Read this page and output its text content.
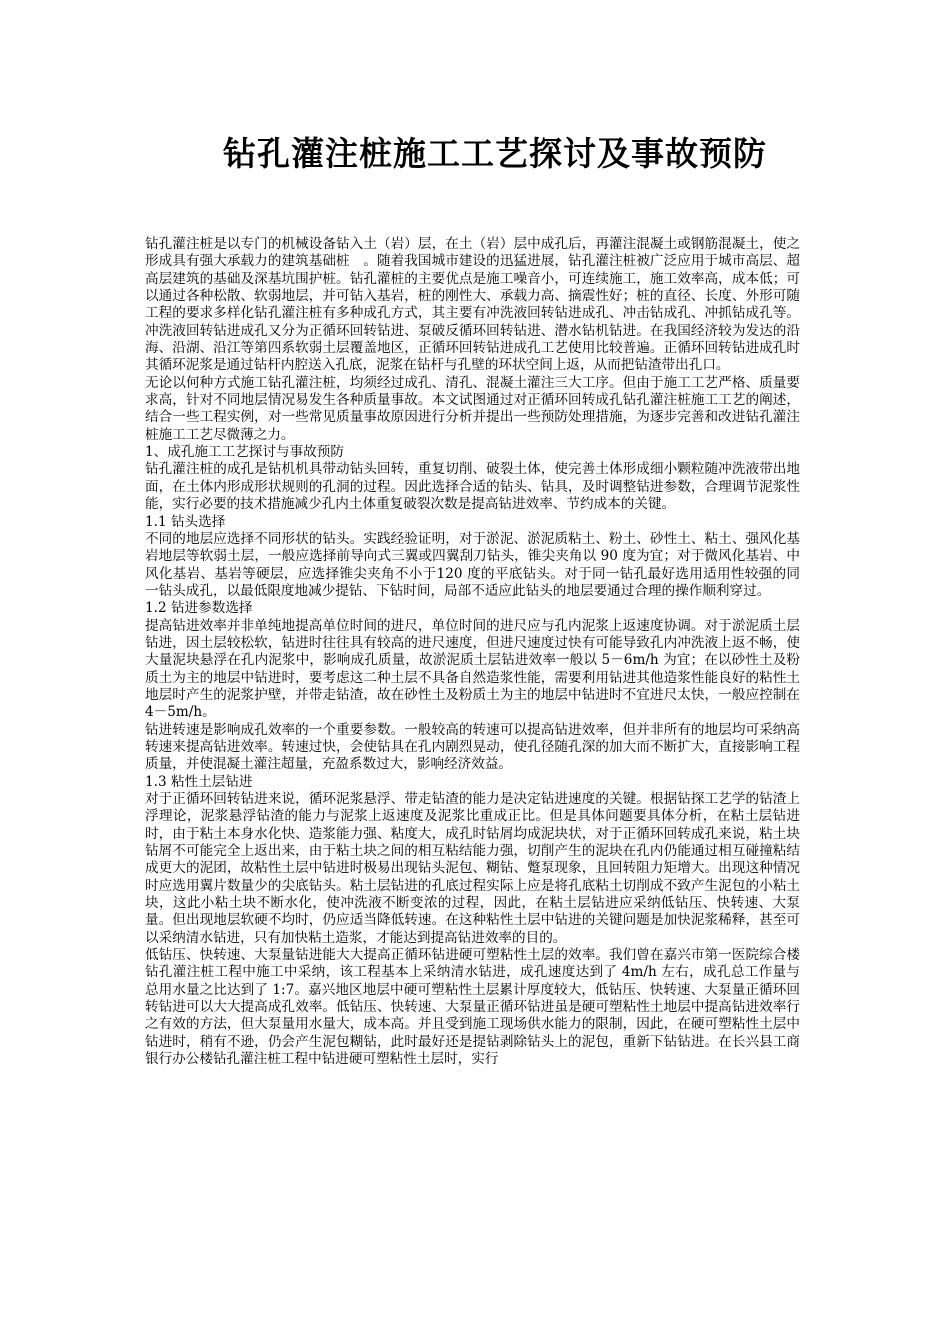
钻孔灌注桩施工工艺探讨及事故预防

钻孔灌注桩是以专门的机械设备钻入土（岩）层，在土（岩）层中成孔后，再灌注混凝土或钢筋混凝土，使之形成具有强大承载力的建筑基础桩　。随着我国城市建设的迅猛进展，钻孔灌注桩被广泛应用于城市高层、超高层建筑的基础及深基坑围护桩。钻孔灌桩的主要优点是施工噪音小，可连续施工，施工效率高，成本低；可以通过各种松散、软弱地层，并可钻入基岩，桩的刚性大、承载力高、摘震性好；桩的直径、长度、外形可随工程的要求多样化钻孔灌注桩有多种成孔方式，其主要有冲洗液回转钻进成孔、冲击钻成孔、冲抓钻成孔等。冲洗液回转钻进成孔又分为正循环回转钻进、泵破反循环回转钻进、潜水钻机钻进。在我国经济较为发达的沿海、沿湖、沿江等第四系软弱土层覆盖地区，正循环回转钻进成孔工艺使用比较普遍。正循环回转钻进成孔时其循环泥浆是通过钻杆内腔送入孔底，泥浆在钻杆与孔壁的环状空间上返，从而把钻渣带出孔口。

无论以何种方式施工钻孔灌注桩，均须经过成孔、清孔、混凝土灌注三大工序。但由于施工工艺严格、质量要求高，针对不同地层情况易发生各种质量事故。本文试图通过对正循环回转成孔钻孔灌注桩施工工艺的阐述，结合一些工程实例，对一些常见质量事故原因进行分析并提出一些预防处理措施，为逐步完善和改进钻孔灌注桩施工工艺尽微薄之力。

1、成孔施工工艺探讨与事故预防

钻孔灌注桩的成孔是钻机机具带动钻头回转，重复切削、破裂土体，使完善土体形成细小颗粒随冲洗液带出地面，在土体内形成形状规则的孔洞的过程。因此选择合适的钻头、钻具，及时调整钻进参数，合理调节泥浆性能，实行必要的技术措施减少孔内土体重复破裂次数是提高钻进效率、节约成本的关键。

1.1 钻头选择

不同的地层应选择不同形状的钻头。实践经验证明，对于淤泥、淤泥质粘土、粉土、砂性土、粘土、强风化基岩地层等软弱土层，一般应选择前导向式三翼或四翼刮刀钻头，锥尖夹角以 90 度为宜；对于微风化基岩、中风化基岩、基岩等硬层，应选择锥尖夹角不小于120 度的平底钻头。对于同一钻孔最好选用适用性较强的同一钻头成孔，以最低限度地减少提钻、下钻时间，局部不适应此钻头的地层要通过合理的操作顺利穿过。

1.2 钻进参数选择

提高钻进效率并非单纯地提高单位时间的进尺，单位时间的进尺应与孔内泥浆上返速度协调。对于淤泥质土层钻进，因土层较松软，钻进时往往具有较高的进尺速度，但进尺速度过快有可能导致孔内冲洗液上返不畅，使大量泥块悬浮在孔内泥浆中，影响成孔质量，故淤泥质土层钻进效率一般以 5－6m/h 为宜；在以砂性土及粉质土为主的地层中钻进时，要考虑这二种土层不具备自然造浆性能，需要利用钻进其他造浆性能良好的粘性土地层时产生的泥浆护壁，并带走钻渣，故在砂性土及粉质土为主的地层中钻进时不宜进尺太快，一般应控制在 4－5m/h。

钻进转速是影响成孔效率的一个重要参数。一般较高的转速可以提高钻进效率，但并非所有的地层均可采纳高转速来提高钻进效率。转速过快，会使钻具在孔内剧烈晃动，使孔径随孔深的加大而不断扩大，直接影响工程质量，并使混凝土灌注超量，充盈系数过大，影响经济效益。

1.3 粘性土层钻进

对于正循环回转钻进来说，循环泥浆悬浮、带走钻渣的能力是决定钻进速度的关键。根据钻探工艺学的钻渣上浮理论，泥浆悬浮钻渣的能力与泥浆上返速度及泥浆比重成正比。但是具体问题要具体分析，在粘土层钻进时，由于粘土本身水化快、造浆能力强、粘度大，成孔时钻屑均成泥块状，对于正循环回转成孔来说，粘土块钻屑不可能完全上返出来，由于粘土块之间的相互粘结能力强，切削产生的泥块在孔内仍能通过相互碰撞粘结成更大的泥团，故粘性土层中钻进时极易出现钻头泥包、糊钻、蹩泵现象，且回转阻力矩增大。出现这种情况时应选用翼片数量少的尖底钻头。粘土层钻进的孔底过程实际上应是将孔底粘土切削成不致产生泥包的小粘土块，这此小粘土块不断水化，使冲洗液不断变浓的过程，因此，在粘土层钻进应采纳低钻压、快转速、大泵量。但出现地层软硬不均时，仍应适当降低转速。在这种粘性土层中钻进的关键问题是加快泥浆稀释，甚至可以采纳清水钻进，只有加快粘土造浆，才能达到提高钻进效率的目的。

低钻压、快转速、大泵量钻进能大大提高正循环钻进硬可塑粘性土层的效率。我们曾在嘉兴市第一医院综合楼钻孔灌注桩工程中施工中采纳，该工程基本上采纳清水钻进，成孔速度达到了 4m/h 左右，成孔总工作量与总用水量之比达到了 1:7。嘉兴地区地层中硬可塑粘性土层累计厚度较大，低钻压、快转速、大泵量正循环回转钻进可以大大提高成孔效率。低钻压、快转速、大泵量正循环钻进虽是硬可塑粘性土地层中提高钻进效率行之有效的方法，但大泵量用水量大，成本高。并且受到施工现场供水能力的限制，因此，在硬可塑粘性土层中钻进时，稍有不逊，仍会产生泥包糊钻，此时最好还是提钻剥除钻头上的泥包，重新下钻钻进。在长兴县工商银行办公楼钻孔灌注桩工程中钻进硬可塑粘性土层时，实行
